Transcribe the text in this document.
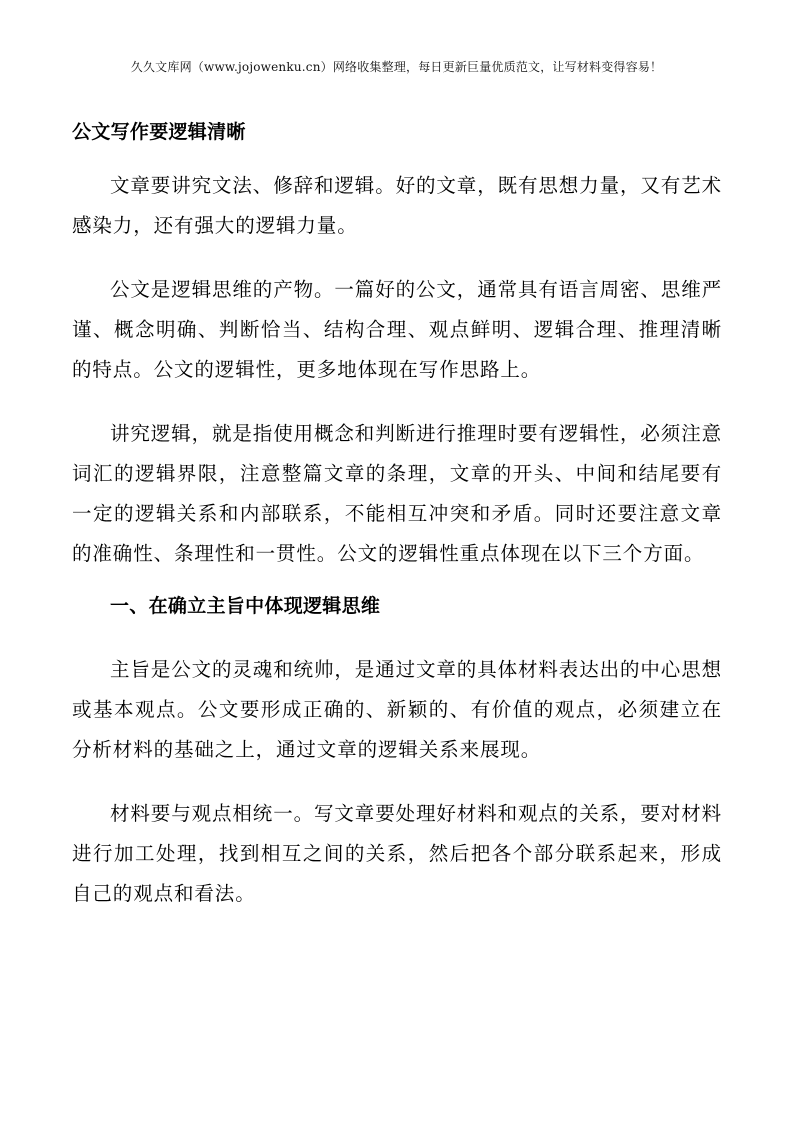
久久文库网（www.jojowenku.cn）网络收集整理，每日更新巨量优质范文，让写材料变得容易！
公文写作要逻辑清晰

文章要讲究文法、修辞和逻辑。好的文章，既有思想力量，又有艺术感染力，还有强大的逻辑力量。

公文是逻辑思维的产物。一篇好的公文，通常具有语言周密、思维严谨、概念明确、判断恰当、结构合理、观点鲜明、逻辑合理、推理清晰的特点。公文的逻辑性，更多地体现在写作思路上。

讲究逻辑，就是指使用概念和判断进行推理时要有逻辑性，必须注意词汇的逻辑界限，注意整篇文章的条理，文章的开头、中间和结尾要有一定的逻辑关系和内部联系，不能相互冲突和矛盾。同时还要注意文章的准确性、条理性和一贯性。公文的逻辑性重点体现在以下三个方面。

一、在确立主旨中体现逻辑思维

主旨是公文的灵魂和统帅，是通过文章的具体材料表达出的中心思想或基本观点。公文要形成正确的、新颖的、有价值的观点，必须建立在分析材料的基础之上，通过文章的逻辑关系来展现。

材料要与观点相统一。写文章要处理好材料和观点的关系，要对材料进行加工处理，找到相互之间的关系，然后把各个部分联系起来，形成自己的观点和看法。
